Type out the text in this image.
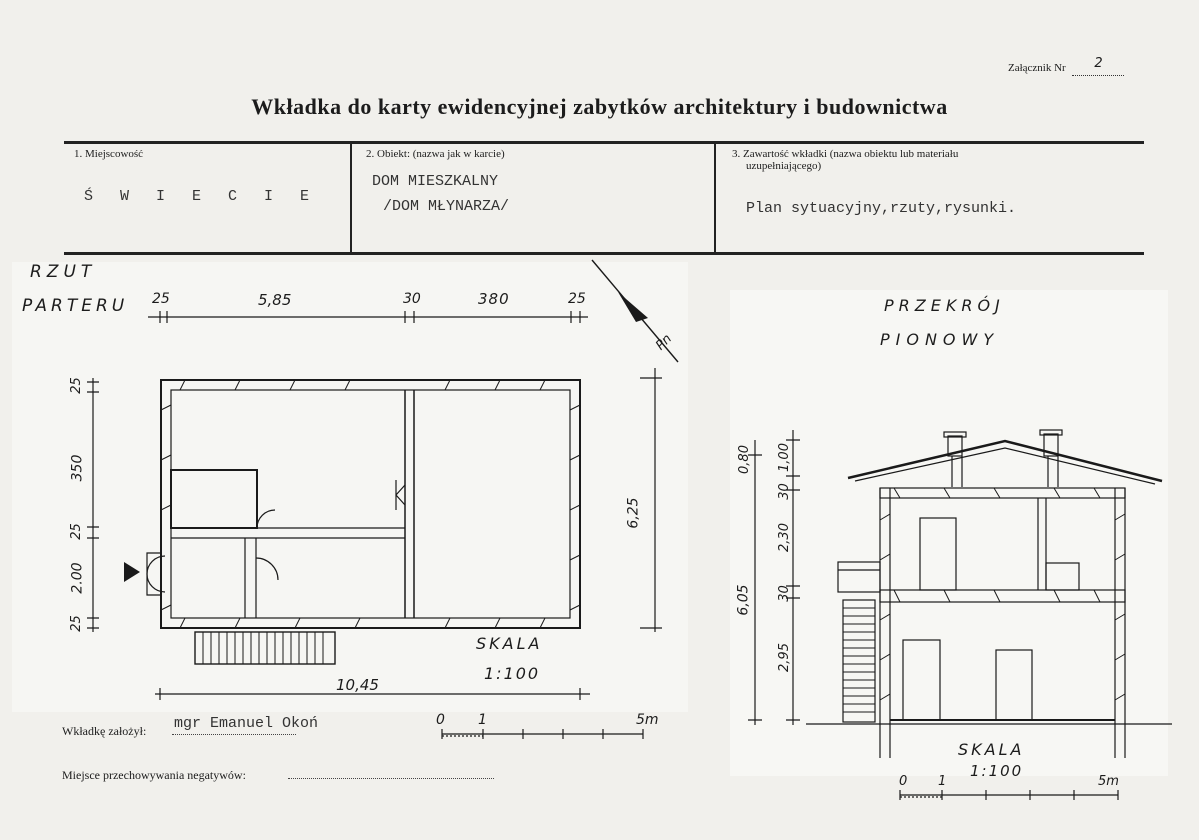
Załącznik Nr 2
Wkładka do karty ewidencyjnej zabytków architektury i budownictwa
1. Miejscowość
Ś W I E C I E
2. Obiekt: (nazwa jak w karcie)
DOM MIESZKALNY
/DOM MŁYNARZA/
3. Zawartość wkładki (nazwa obiektu lub materiału
uzupełniającego)
Plan sytuacyjny,rzuty,rysunki.
RZUT
PARTERU 25	5,85	30	380	25
Pn
25
350
25
2.00
25
6,25
10,45
SKALA
1:100
PRZEKRÓJ
PIONOWY
0,80
6,05
1,00
30
2,30
30
2,95
SKALA
1:100
0 1	5m
Wkładkę założył: mgr Emanuel Okoń	0 1	5m
Miejsce przechowywania negatywów:
